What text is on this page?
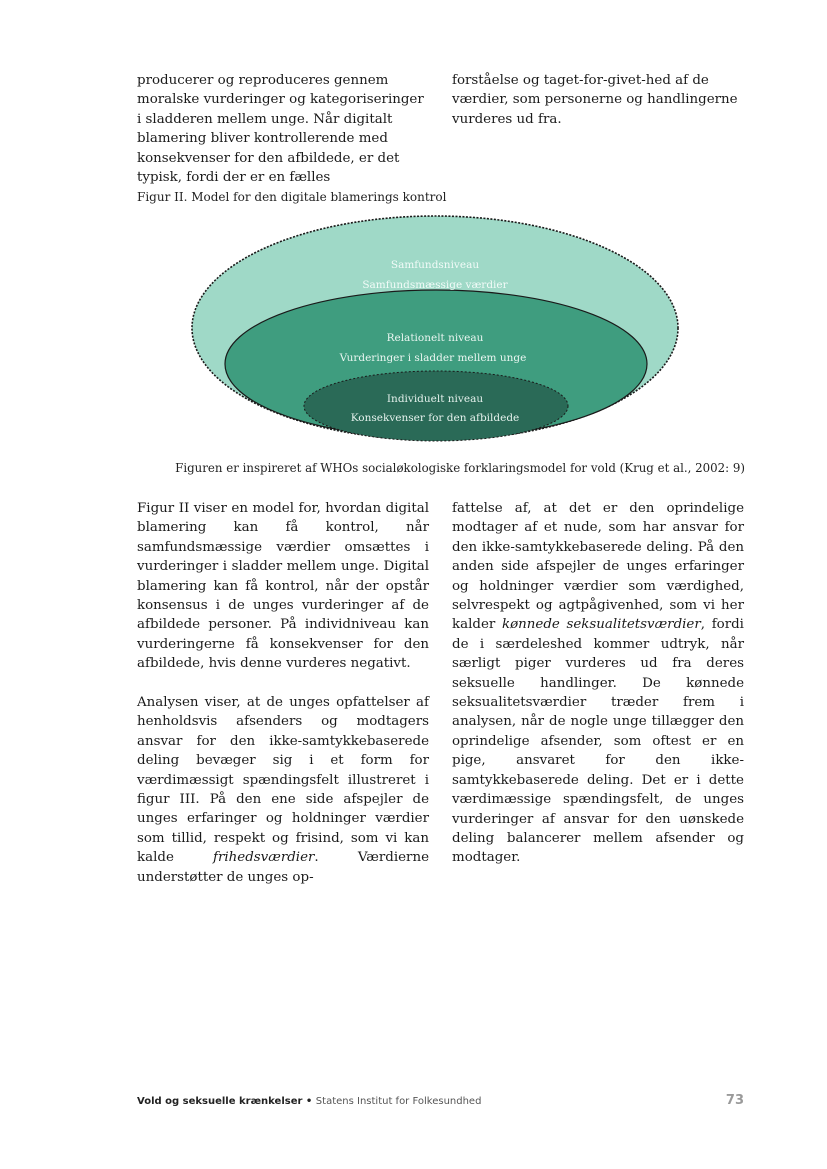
producerer og reproduceres gennem moralske vurderinger og kategoriseringer i sladderen mellem unge. Når digitalt blamering bliver kontrollerende med konsekvenser for den afbildede, er det typisk, fordi der er en fælles

forståelse og taget-for-givet-hed af de værdier, som personerne og handlingerne vurderes ud fra.

Figur II. Model for den digitale blamerings kontrol
Samfundsniveau
Samfundsmæssige værdier
Relationelt niveau
Vurderinger i sladder mellem unge
Individuelt niveau
Konsekvenser for den afbildede
Figuren er inspireret af WHOs socialøkologiske forklaringsmodel for vold (Krug et al., 2002: 9)

Figur II viser en model for, hvordan digital blamering kan få kontrol, når samfundsmæssige værdier omsættes i vurderinger i sladder mellem unge. Digital blamering kan få kontrol, når der opstår konsensus i de unges vurderinger af de afbildede personer. På individniveau kan vurderingerne få konsekvenser for den afbildede, hvis denne vurderes negativt.

Analysen viser, at de unges opfattelser af henholdsvis afsenders og modtagers ansvar for den ikke-samtykkebaserede deling bevæger sig i et form for værdimæssigt spændingsfelt illustreret i figur III. På den ene side afspejler de unges erfaringer og holdninger værdier som tillid, respekt og frisind, som vi kan kalde frihedsværdier. Værdierne understøtter de unges op-

fattelse af, at det er den oprindelige modtager af et nude, som har ansvar for den ikke-samtykkebaserede deling. På den anden side afspejler de unges erfaringer og holdninger værdier som værdighed, selvrespekt og agtpågivenhed, som vi her kalder kønnede seksualitetsværdier, fordi de i særdeleshed kommer udtryk, når særligt piger vurderes ud fra deres seksuelle handlinger. De kønnede seksualitetsværdier træder frem i analysen, når de nogle unge tillægger den oprindelige afsender, som oftest er en pige, ansvaret for den ikke-samtykkebaserede deling. Det er i dette værdimæssige spændingsfelt, de unges vurderinger af ansvar for den uønskede deling balancerer mellem afsender og modtager.

Vold og seksuelle krænkelser • Statens Institut for Folkesundhed	73
